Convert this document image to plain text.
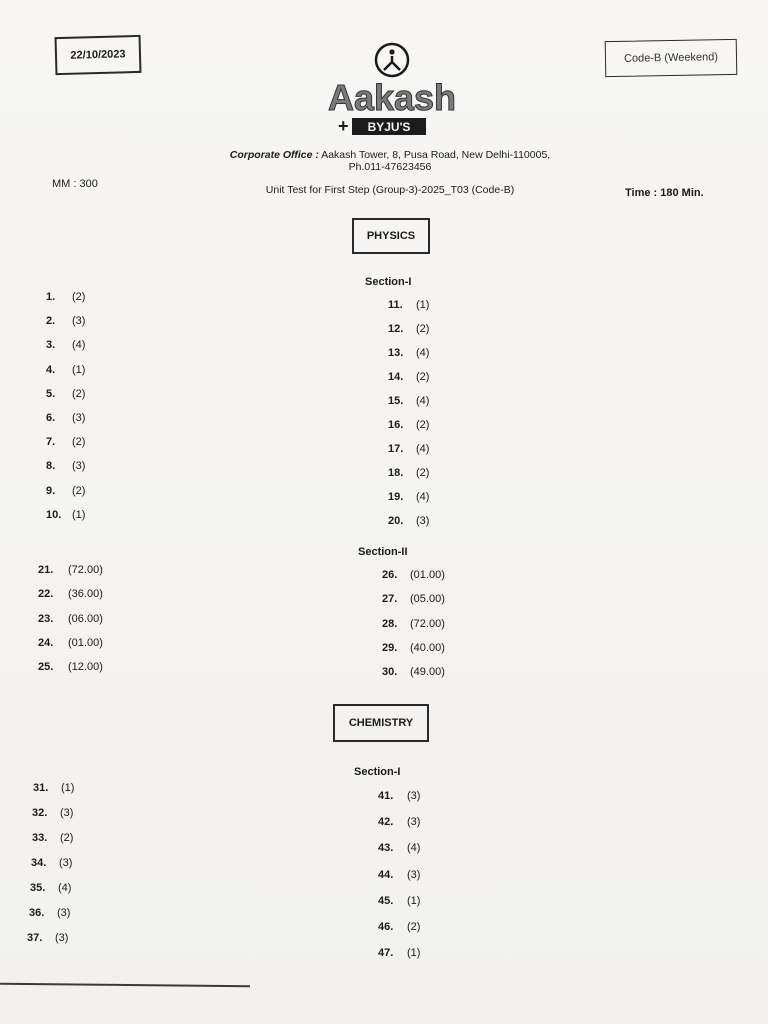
22/10/2023	Code-B (Weekend)
Aakash
+ BYJU'S
Corporate Office : Aakash Tower, 8, Pusa Road, New Delhi-110005,
Ph.011-47623456
MM : 300	Unit Test for First Step (Group-3)-2025_T03 (Code-B)	Time : 180 Min.
PHYSICS
Section-I
Section-II
1. (2)
2. (3)
3. (4)
4. (1)
5. (2)
6. (3)
7. (2)
8. (3)
9. (2)
10. (1)
11. (1)
12. (2)
13. (4)
14. (2)
15. (4)
16. (2)
17. (4)
18. (2)
19. (4)
20. (3)
21. (72.00)
22. (36.00)
23. (06.00)
24. (01.00)
25. (12.00)
26. (01.00)
27. (05.00)
28. (72.00)
29. (40.00)
30. (49.00)
CHEMISTRY
Section-I
31. (1)
32. (3)
33. (2)
34. (3)
35. (4)
36. (3)
37. (3)
41. (3)
42. (3)
43. (4)
44. (3)
45. (1)
46. (2)
47. (1)
